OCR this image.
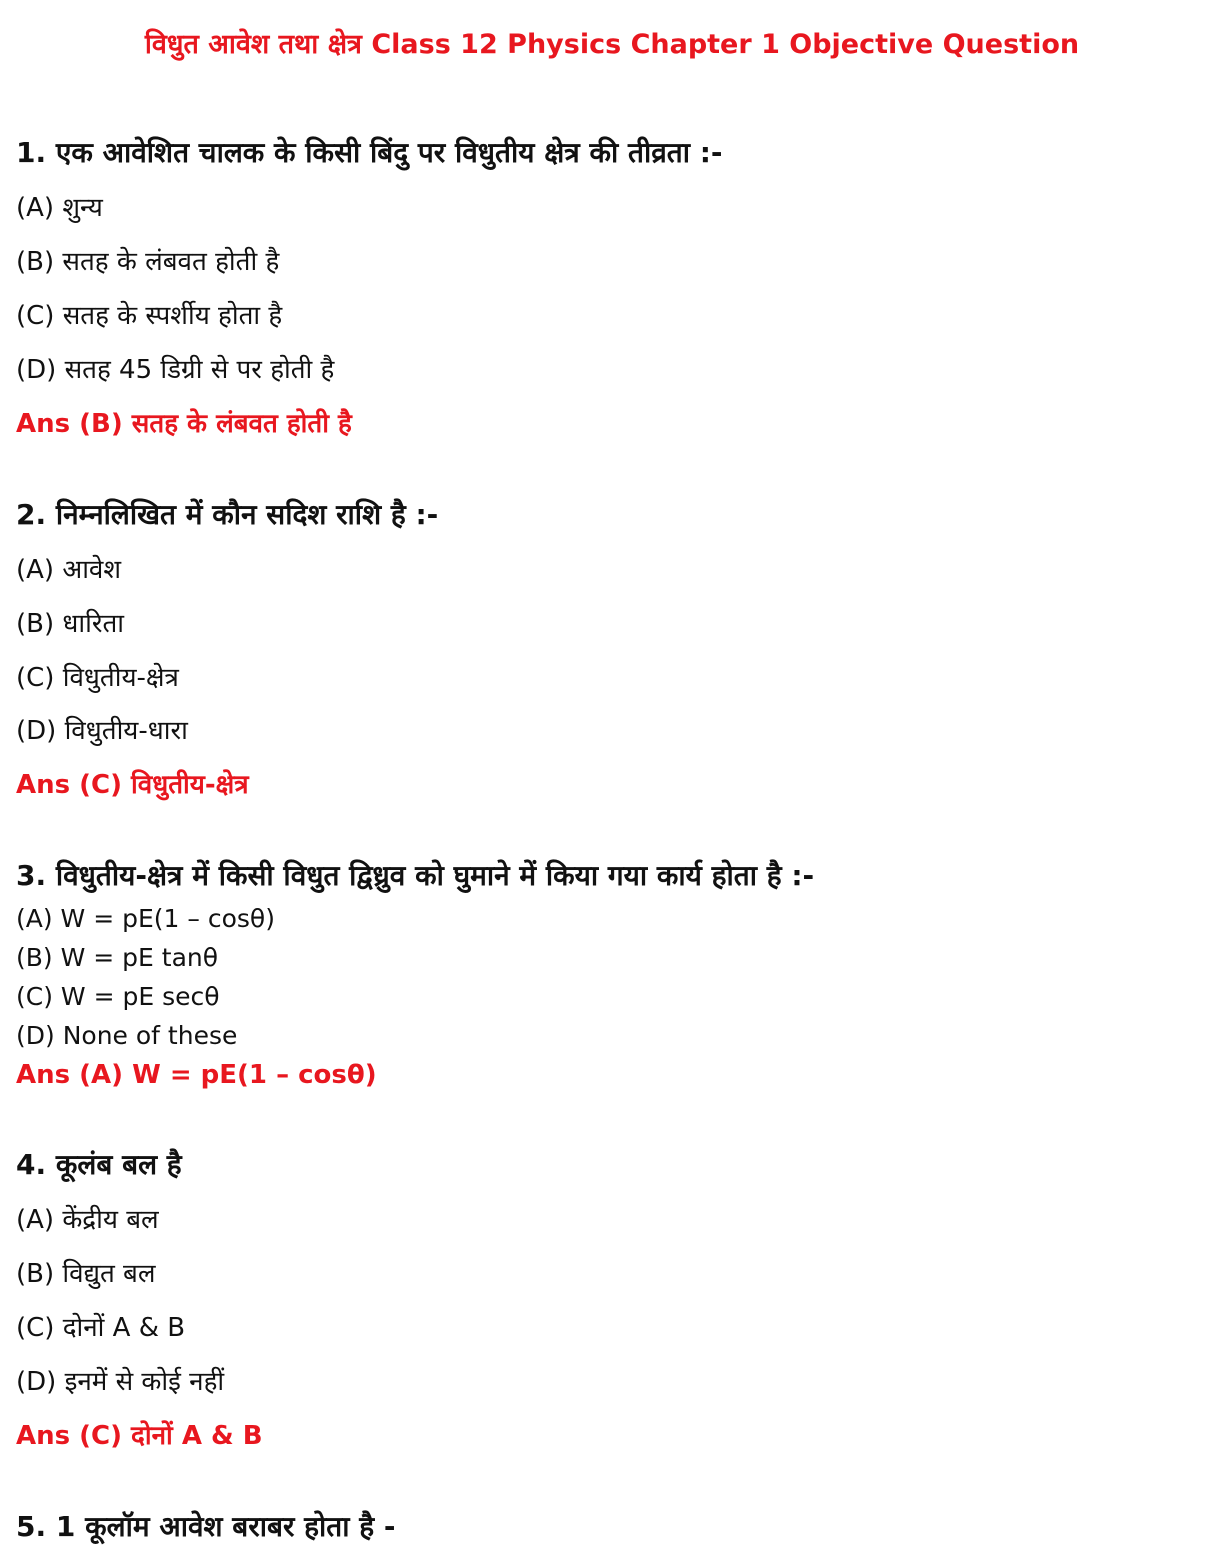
विधुत आवेश तथा क्षेत्र Class 12 Physics Chapter 1 Objective Question
1. एक आवेशित चालक के किसी बिंदु पर विधुतीय क्षेत्र की तीव्रता :-
(A) शुन्य
(B) सतह के लंबवत होती है
(C) सतह के स्पर्शीय होता है
(D) सतह 45 डिग्री से पर होती है
Ans (B) सतह के लंबवत होती है
2. निम्नलिखित में कौन सदिश राशि है :-
(A) आवेश
(B) धारिता
(C) विधुतीय-क्षेत्र
(D) विधुतीय-धारा
Ans (C) विधुतीय-क्षेत्र
3. विधुतीय-क्षेत्र में किसी विधुत द्विध्रुव को घुमाने में किया गया कार्य होता है :-
(A) W = pE(1 – cosθ)
(B) W = pE tanθ
(C) W = pE secθ
(D) None of these
Ans (A) W = pE(1 – cosθ)
4. कूलंब बल है
(A) केंद्रीय बल
(B) विद्युत बल
(C) दोनों A & B
(D) इनमें से कोई नहीं
Ans (C) दोनों A & B
5. 1 कूलॉम आवेश बराबर होता है -
